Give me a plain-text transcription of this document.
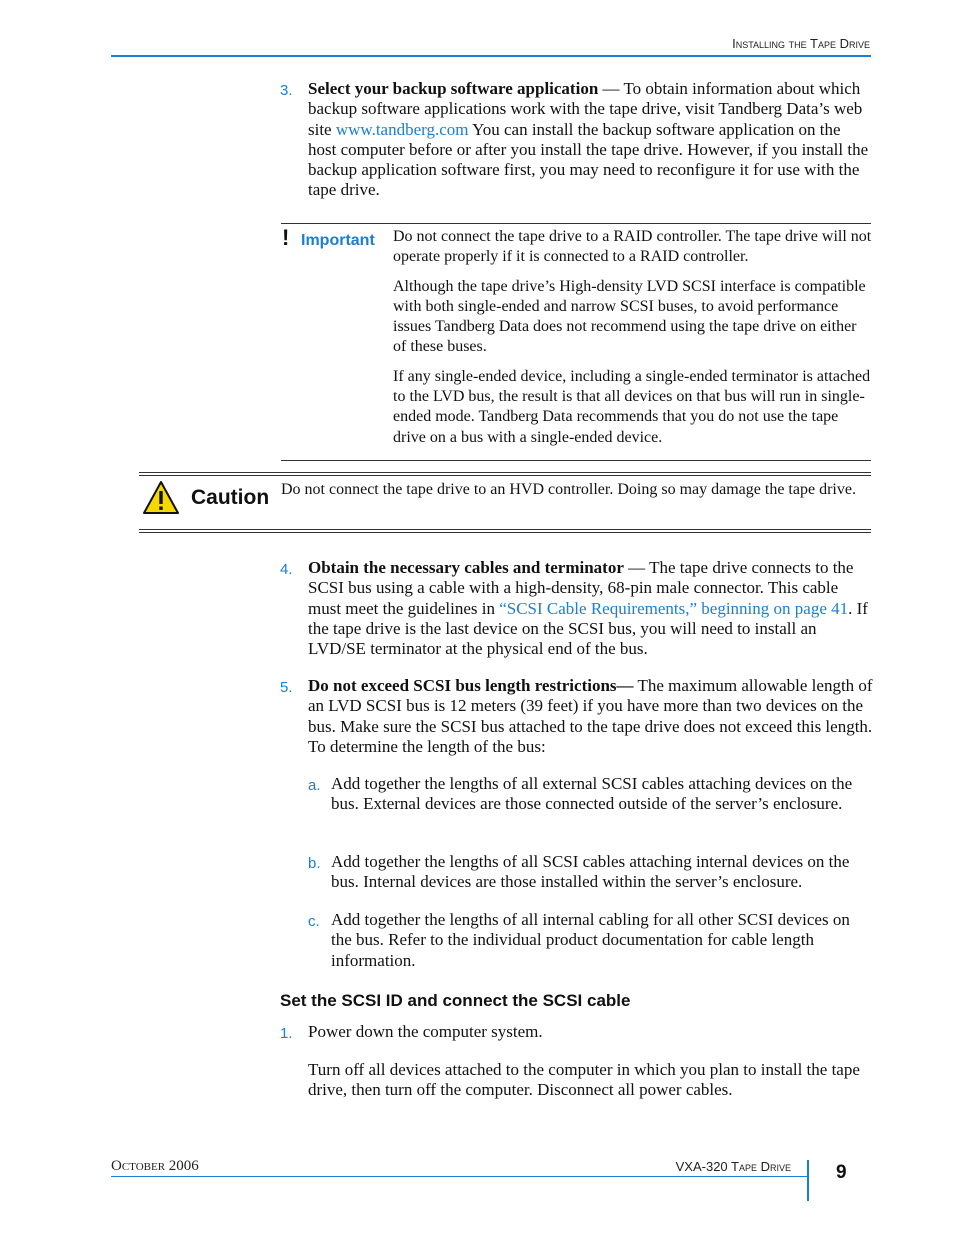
Installing the Tape Drive
3. Select your backup software application — To obtain information about which backup software applications work with the tape drive, visit Tandberg Data’s web site www.tandberg.com You can install the backup software application on the host computer before or after you install the tape drive. However, if you install the backup application software first, you may need to reconfigure it for use with the tape drive.
! Important Do not connect the tape drive to a RAID controller. The tape drive will not operate properly if it is connected to a RAID controller.

Although the tape drive’s High-density LVD SCSI interface is compatible with both single-ended and narrow SCSI buses, to avoid performance issues Tandberg Data does not recommend using the tape drive on either of these buses.

If any single-ended device, including a single-ended terminator is attached to the LVD bus, the result is that all devices on that bus will run in single-ended mode. Tandberg Data recommends that you do not use the tape drive on a bus with a single-ended device.

Caution Do not connect the tape drive to an HVD controller. Doing so may damage the tape drive.
4. Obtain the necessary cables and terminator — The tape drive connects to the SCSI bus using a cable with a high-density, 68-pin male connector. This cable must meet the guidelines in “SCSI Cable Requirements,” beginning on page 41. If the tape drive is the last device on the SCSI bus, you will need to install an LVD/SE terminator at the physical end of the bus.
5. Do not exceed SCSI bus length restrictions— The maximum allowable length of an LVD SCSI bus is 12 meters (39 feet) if you have more than two devices on the bus. Make sure the SCSI bus attached to the tape drive does not exceed this length. To determine the length of the bus:
a. Add together the lengths of all external SCSI cables attaching devices on the bus. External devices are those connected outside of the server’s enclosure.
b. Add together the lengths of all SCSI cables attaching internal devices on the bus. Internal devices are those installed within the server’s enclosure.
c. Add together the lengths of all internal cabling for all other SCSI devices on the bus. Refer to the individual product documentation for cable length information.
Set the SCSI ID and connect the SCSI cable
1. Power down the computer system.
Turn off all devices attached to the computer in which you plan to install the tape drive, then turn off the computer. Disconnect all power cables.
October 2006	VXA-320 Tape Drive 9
